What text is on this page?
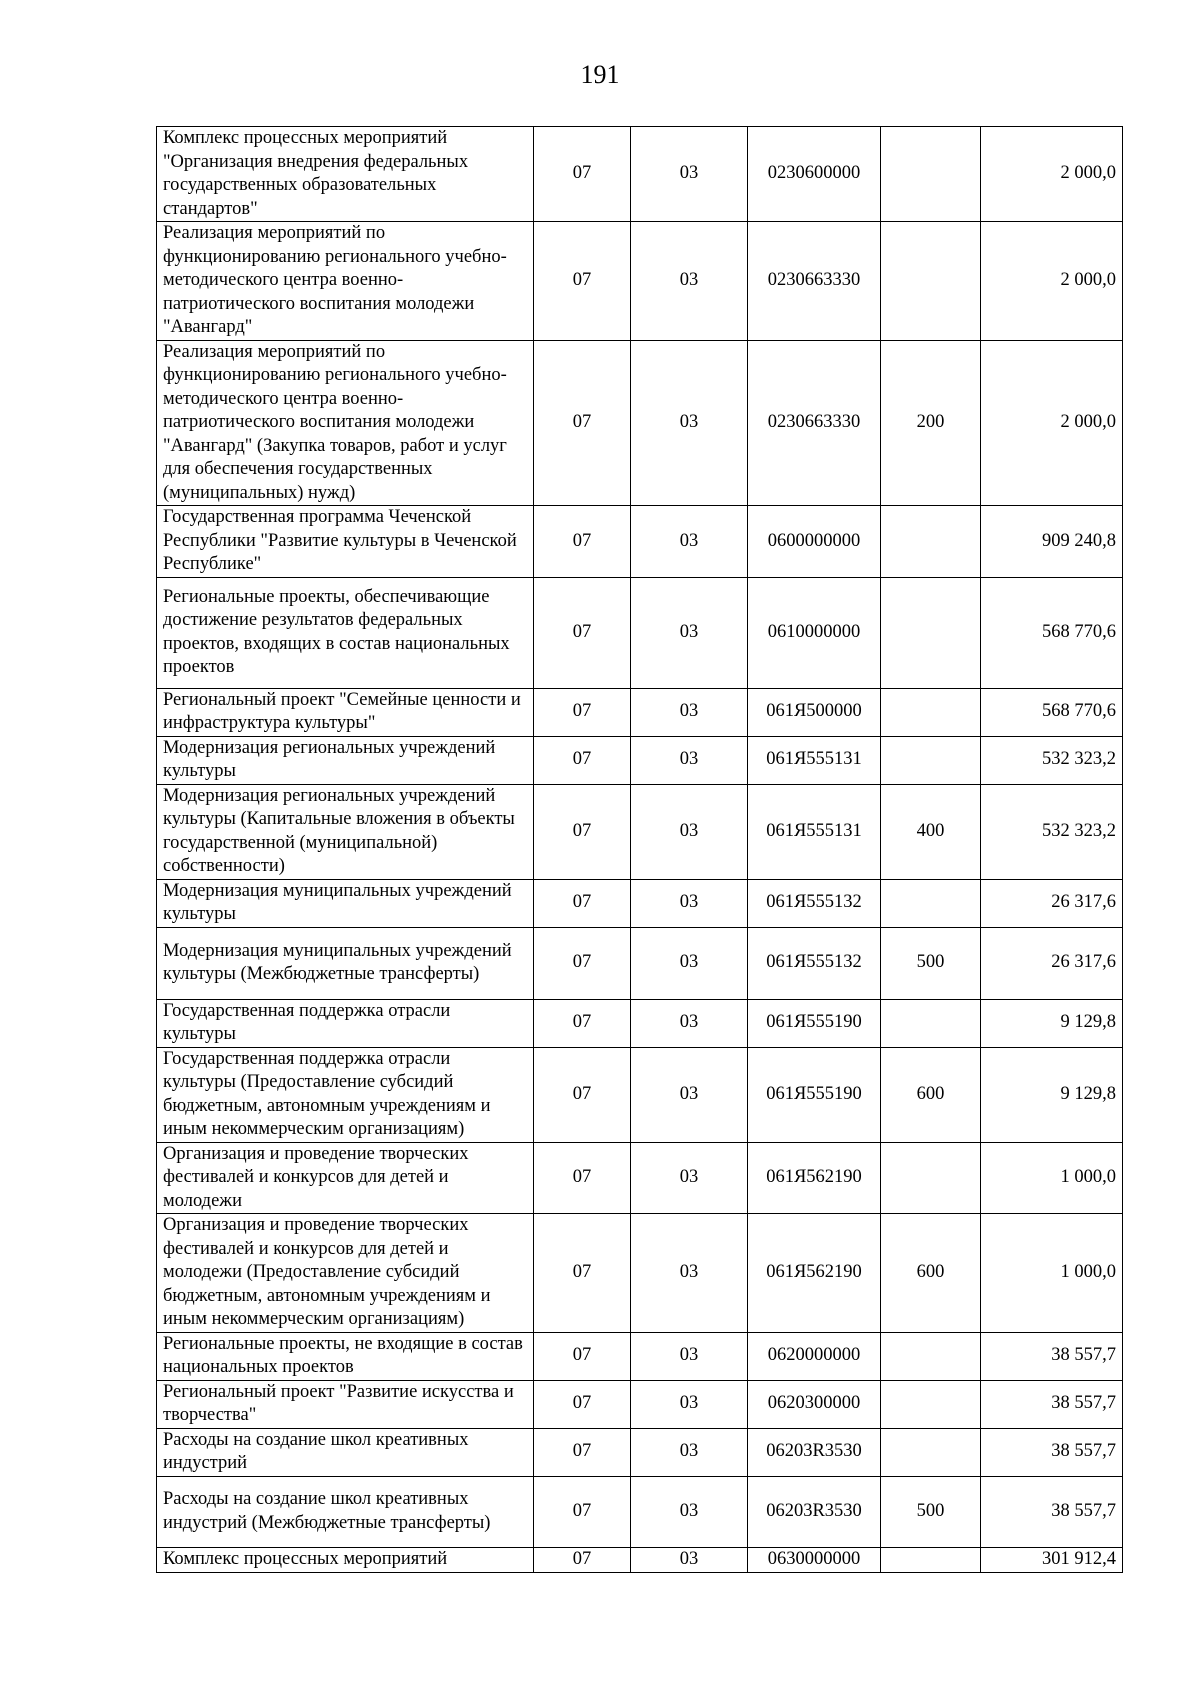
191
Комплекс процессных мероприятий "Организация внедрения федеральных государственных образовательных стандартов"	07	03	0230600000		2 000,0
Реализация мероприятий по функционированию регионального учебно-методического центра военно-патриотического воспитания молодежи "Авангард"	07	03	0230663330		2 000,0
Реализация мероприятий по функционированию регионального учебно-методического центра военно-патриотического воспитания молодежи "Авангард" (Закупка товаров, работ и услуг для обеспечения государственных (муниципальных) нужд)	07	03	0230663330	200	2 000,0
Государственная программа Чеченской Республики "Развитие культуры в Чеченской Республике"	07	03	0600000000		909 240,8
Региональные проекты, обеспечивающие достижение результатов федеральных проектов, входящих в состав национальных проектов	07	03	0610000000		568 770,6
Региональный проект "Семейные ценности и инфраструктура культуры"	07	03	061Я500000		568 770,6
Модернизация региональных учреждений культуры	07	03	061Я555131		532 323,2
Модернизация региональных учреждений культуры (Капитальные вложения в объекты государственной (муниципальной) собственности)	07	03	061Я555131	400	532 323,2
Модернизация муниципальных учреждений культуры	07	03	061Я555132		26 317,6
Модернизация муниципальных учреждений культуры (Межбюджетные трансферты)	07	03	061Я555132	500	26 317,6
Государственная поддержка отрасли культуры	07	03	061Я555190		9 129,8
Государственная поддержка отрасли культуры (Предоставление субсидий бюджетным, автономным учреждениям и иным некоммерческим организациям)	07	03	061Я555190	600	9 129,8
Организация и проведение творческих фестивалей и конкурсов для детей и молодежи	07	03	061Я562190		1 000,0
Организация и проведение творческих фестивалей и конкурсов для детей и молодежи (Предоставление субсидий бюджетным, автономным учреждениям и иным некоммерческим организациям)	07	03	061Я562190	600	1 000,0
Региональные проекты, не входящие в состав национальных проектов	07	03	0620000000		38 557,7
Региональный проект "Развитие искусства и творчества"	07	03	0620300000		38 557,7
Расходы на создание школ креативных индустрий	07	03	06203R3530		38 557,7
Расходы на создание школ креативных индустрий (Межбюджетные трансферты)	07	03	06203R3530	500	38 557,7
Комплекс процессных мероприятий	07	03	0630000000		301 912,4
